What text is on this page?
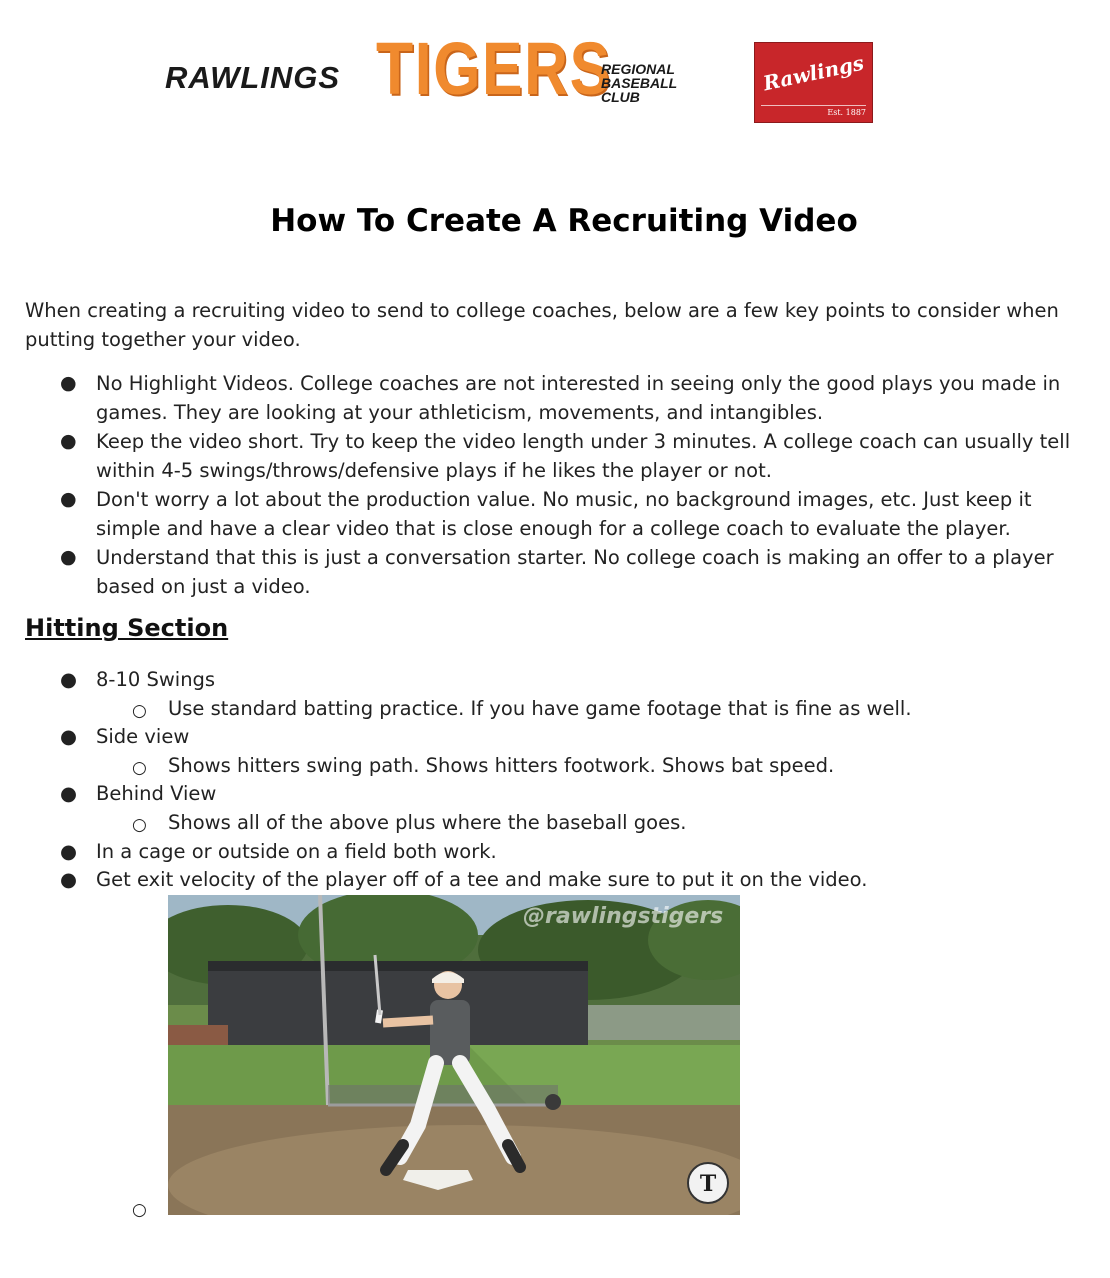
RAWLINGS TIGERS
REGIONAL
BASEBALL
CLUB
Rawlings
Est. 1887
How To Create A Recruiting Video
When creating a recruiting video to send to college coaches, below are a few key points to consider when putting together your video.
● No Highlight Videos. College coaches are not interested in seeing only the good plays you made in games. They are looking at your athleticism, movements, and intangibles.
● Keep the video short. Try to keep the video length under 3 minutes. A college coach can usually tell within 4-5 swings/throws/defensive plays if he likes the player or not.
● Don't worry a lot about the production value. No music, no background images, etc. Just keep it simple and have a clear video that is close enough for a college coach to evaluate the player.
● Understand that this is just a conversation starter. No college coach is making an offer to a player based on just a video.
Hitting Section
● 8-10 Swings
○ Use standard batting practice. If you have game footage that is fine as well.
● Side view
○ Shows hitters swing path. Shows hitters footwork. Shows bat speed.
● Behind View
○ Shows all of the above plus where the baseball goes.
● In a cage or outside on a field both work.
● Get exit velocity of the player off of a tee and make sure to put it on the video.
○
T
@rawlingstigers
